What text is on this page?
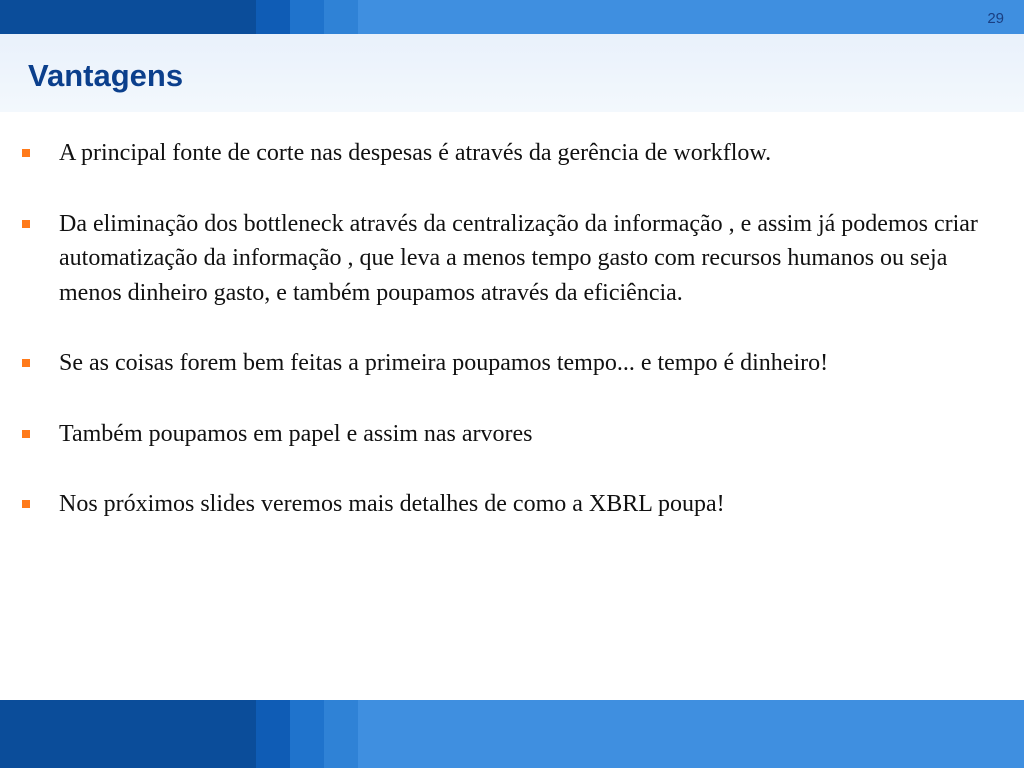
29
Vantagens
A principal fonte de corte nas despesas é através da gerência de workflow.
Da eliminação dos bottleneck através da centralização da informação , e assim já podemos criar automatização da informação , que leva a menos tempo gasto com recursos humanos ou seja menos dinheiro gasto, e também poupamos através da eficiência.
Se as coisas forem bem feitas a primeira poupamos tempo... e tempo é dinheiro!
Também poupamos em papel e assim nas arvores
Nos próximos slides veremos mais detalhes de como a XBRL poupa!
